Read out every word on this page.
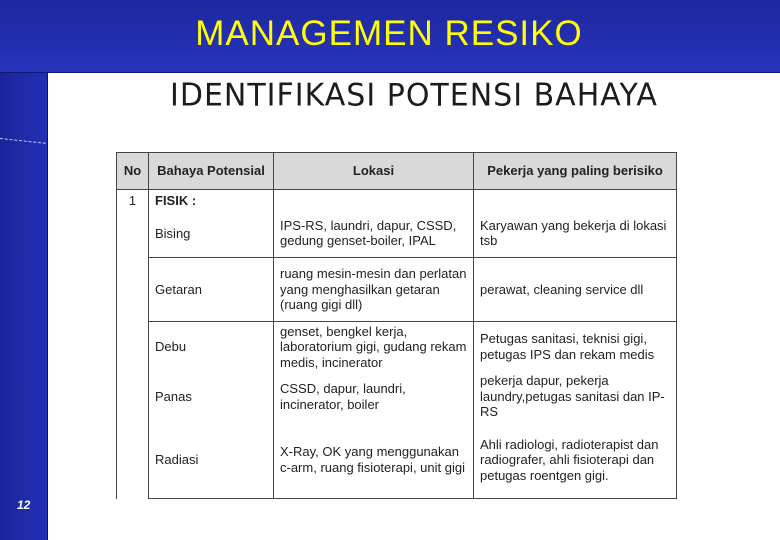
MANAGEMEN RESIKO
IDENTIFIKASI POTENSI BAHAYA
12
No	Bahaya Potensial	Lokasi	Pekerja yang paling berisiko
1	FISIK :		
	Bising	IPS-RS, laundri, dapur, CSSD, gedung genset-boiler, IPAL	Karyawan yang bekerja di lokasi tsb
	Getaran	ruang mesin-mesin dan perlatan yang menghasilkan getaran (ruang gigi dll)	perawat, cleaning service dll
	Debu	genset, bengkel kerja, laboratorium gigi, gudang rekam medis, incinerator	Petugas sanitasi, teknisi gigi, petugas IPS dan rekam medis
	Panas	CSSD, dapur, laundri, incinerator, boiler	pekerja dapur, pekerja laundry,petugas sanitasi dan IP-RS
	Radiasi	X-Ray, OK yang menggunakan c-arm, ruang fisioterapi, unit gigi	Ahli radiologi, radioterapist dan radiografer, ahli fisioterapi dan petugas roentgen gigi.
